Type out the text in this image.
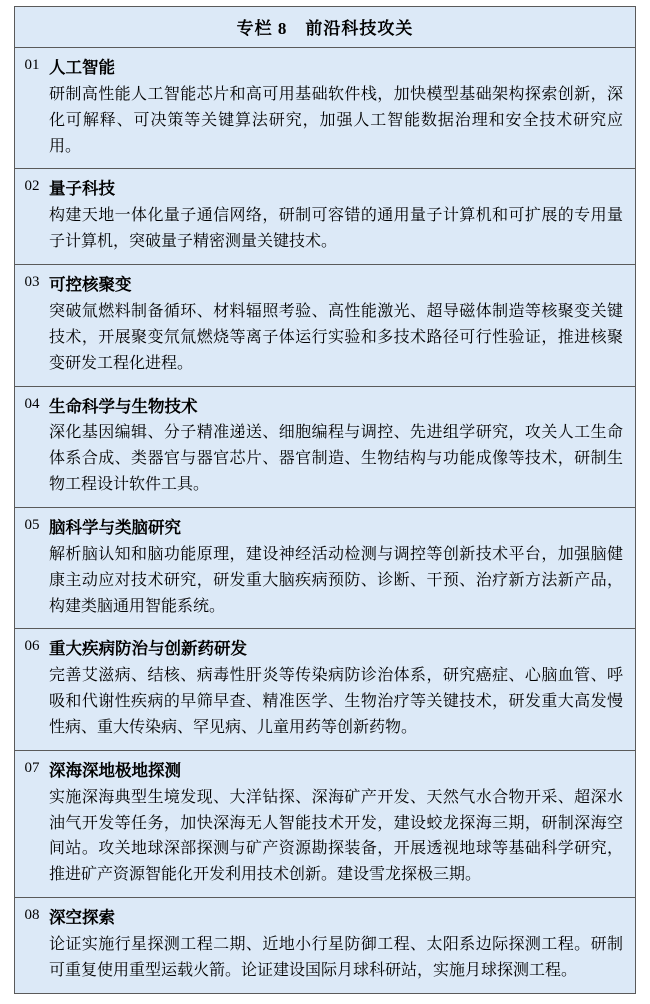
专栏 8 前沿科技攻关
01 人工智能
研制高性能人工智能芯片和高可用基础软件栈，加快模型基础架构探索创新，深化可解释、可决策等关键算法研究，加强人工智能数据治理和安全技术研究应用。
02 量子科技
构建天地一体化量子通信网络，研制可容错的通用量子计算机和可扩展的专用量子计算机，突破量子精密测量关键技术。
03 可控核聚变
突破氚燃料制备循环、材料辐照考验、高性能激光、超导磁体制造等核聚变关键技术，开展聚变氘氚燃烧等离子体运行实验和多技术路径可行性验证，推进核聚变研发工程化进程。
04 生命科学与生物技术
深化基因编辑、分子精准递送、细胞编程与调控、先进组学研究，攻关人工生命体系合成、类器官与器官芯片、器官制造、生物结构与功能成像等技术，研制生物工程设计软件工具。
05 脑科学与类脑研究
解析脑认知和脑功能原理，建设神经活动检测与调控等创新技术平台，加强脑健康主动应对技术研究，研发重大脑疾病预防、诊断、干预、治疗新方法新产品，构建类脑通用智能系统。
06 重大疾病防治与创新药研发
完善艾滋病、结核、病毒性肝炎等传染病防诊治体系，研究癌症、心脑血管、呼吸和代谢性疾病的早筛早查、精准医学、生物治疗等关键技术，研发重大高发慢性病、重大传染病、罕见病、儿童用药等创新药物。
07 深海深地极地探测
实施深海典型生境发现、大洋钻探、深海矿产开发、天然气水合物开采、超深水油气开发等任务，加快深海无人智能技术开发，建设蛟龙探海三期，研制深海空间站。攻关地球深部探测与矿产资源勘探装备，开展透视地球等基础科学研究，推进矿产资源智能化开发利用技术创新。建设雪龙探极三期。
08 深空探索
论证实施行星探测工程二期、近地小行星防御工程、太阳系边际探测工程。研制可重复使用重型运载火箭。论证建设国际月球科研站，实施月球探测工程。
